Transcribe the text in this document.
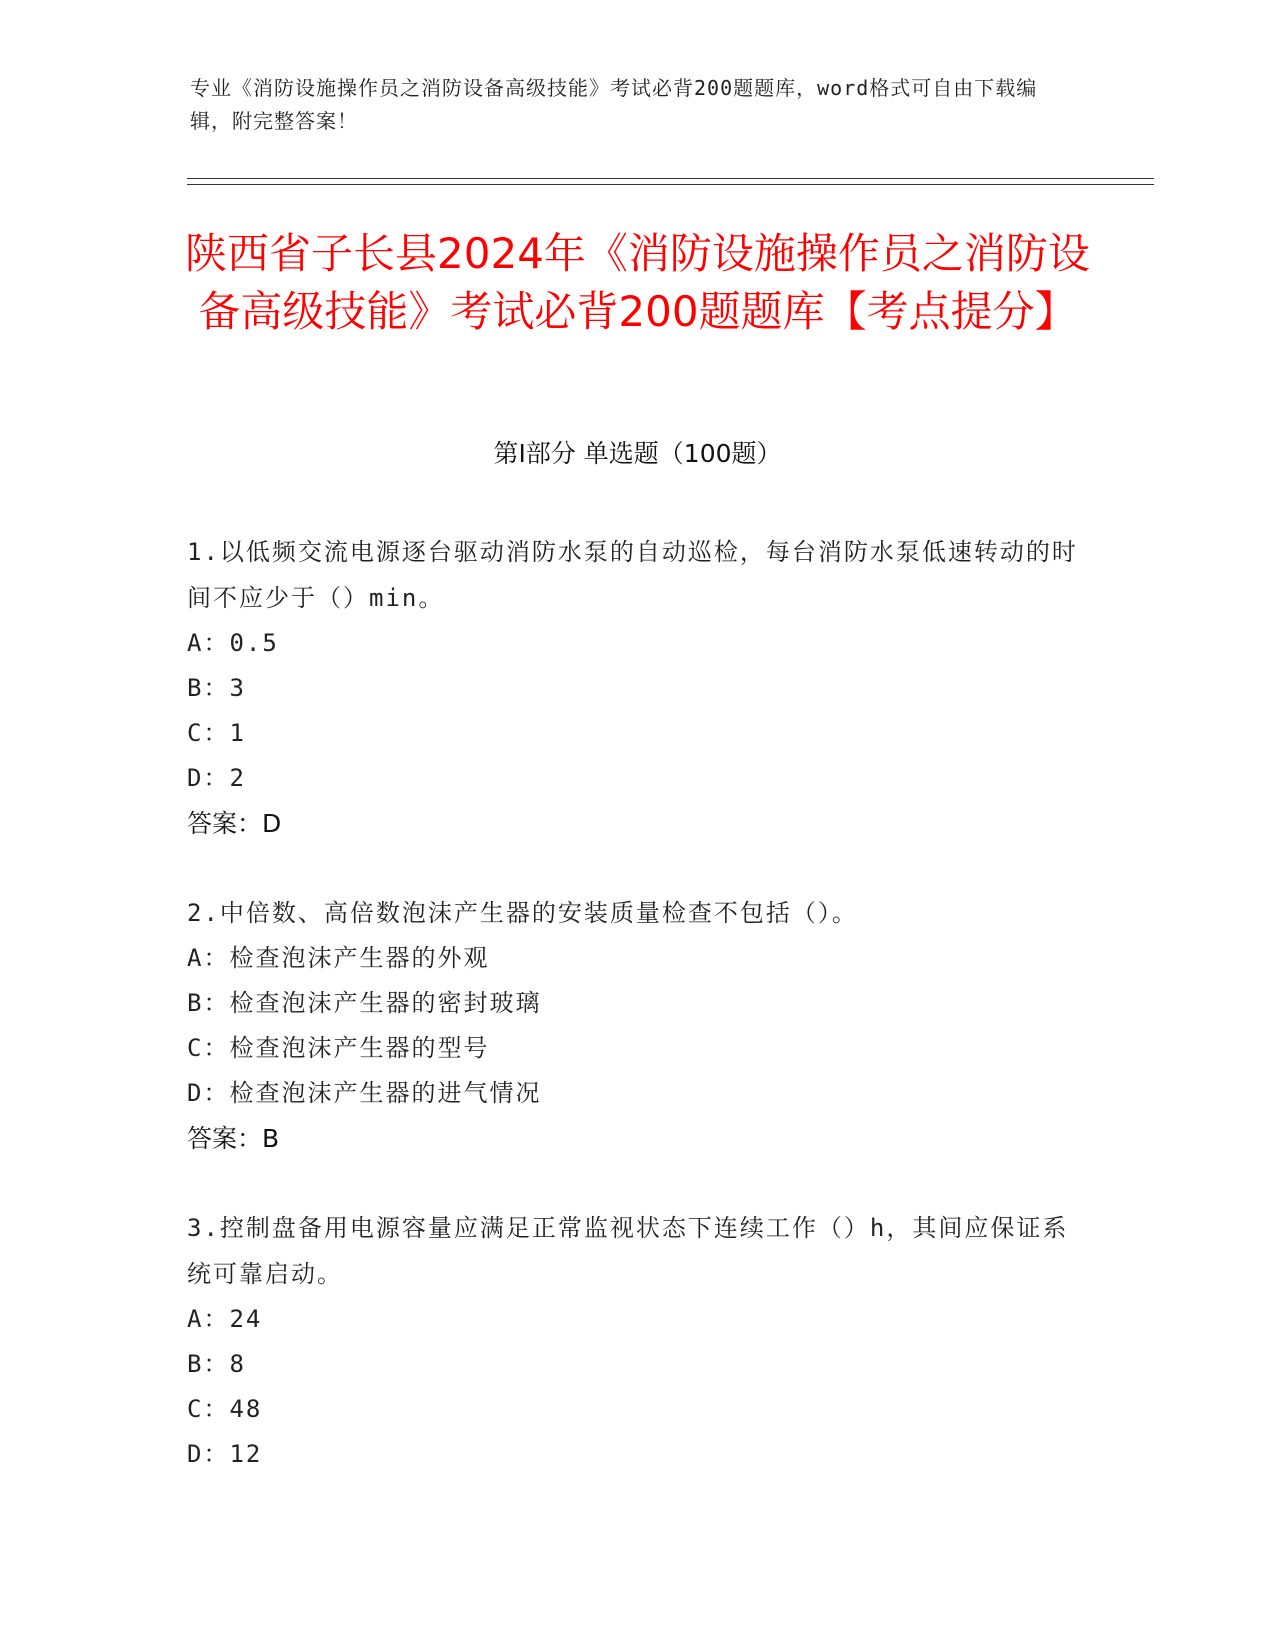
专业《消防设施操作员之消防设备高级技能》考试必背200题题库，word格式可自由下载编辑，附完整答案！
陕西省子长县2024年《消防设施操作员之消防设备高级技能》考试必背200题题库【考点提分】
第Ⅰ部分 单选题（100题）

1.以低频交流电源逐台驱动消防水泵的自动巡检，每台消防水泵低速转动的时间不应少于（）min。

A：0.5

B：3

C：1

D：2

答案：D

2.中倍数、高倍数泡沫产生器的安装质量检查不包括（）。

A：检查泡沫产生器的外观

B：检查泡沫产生器的密封玻璃

C：检查泡沫产生器的型号

D：检查泡沫产生器的进气情况

答案：B

3.控制盘备用电源容量应满足正常监视状态下连续工作（）h，其间应保证系统可靠启动。

A：24

B：8

C：48

D：12
